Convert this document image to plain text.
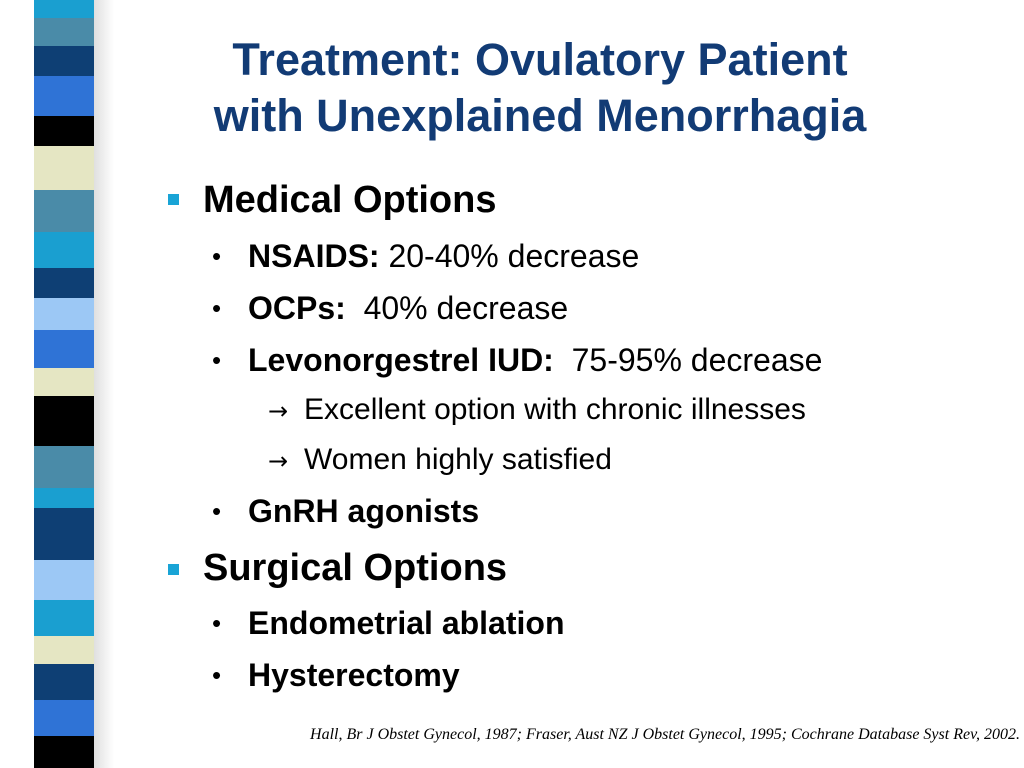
Treatment: Ovulatory Patient
with Unexplained Menorrhagia
Medical Options
• NSAIDS: 20-40% decrease
• OCPs:  40% decrease
• Levonorgestrel IUD:  75-95% decrease
→ Excellent option with chronic illnesses
→ Women highly satisfied
• GnRH agonists
Surgical Options
• Endometrial ablation
• Hysterectomy
Hall, Br J Obstet Gynecol, 1987; Fraser, Aust NZ J Obstet Gynecol, 1995; Cochrane Database Syst Rev, 2002.
